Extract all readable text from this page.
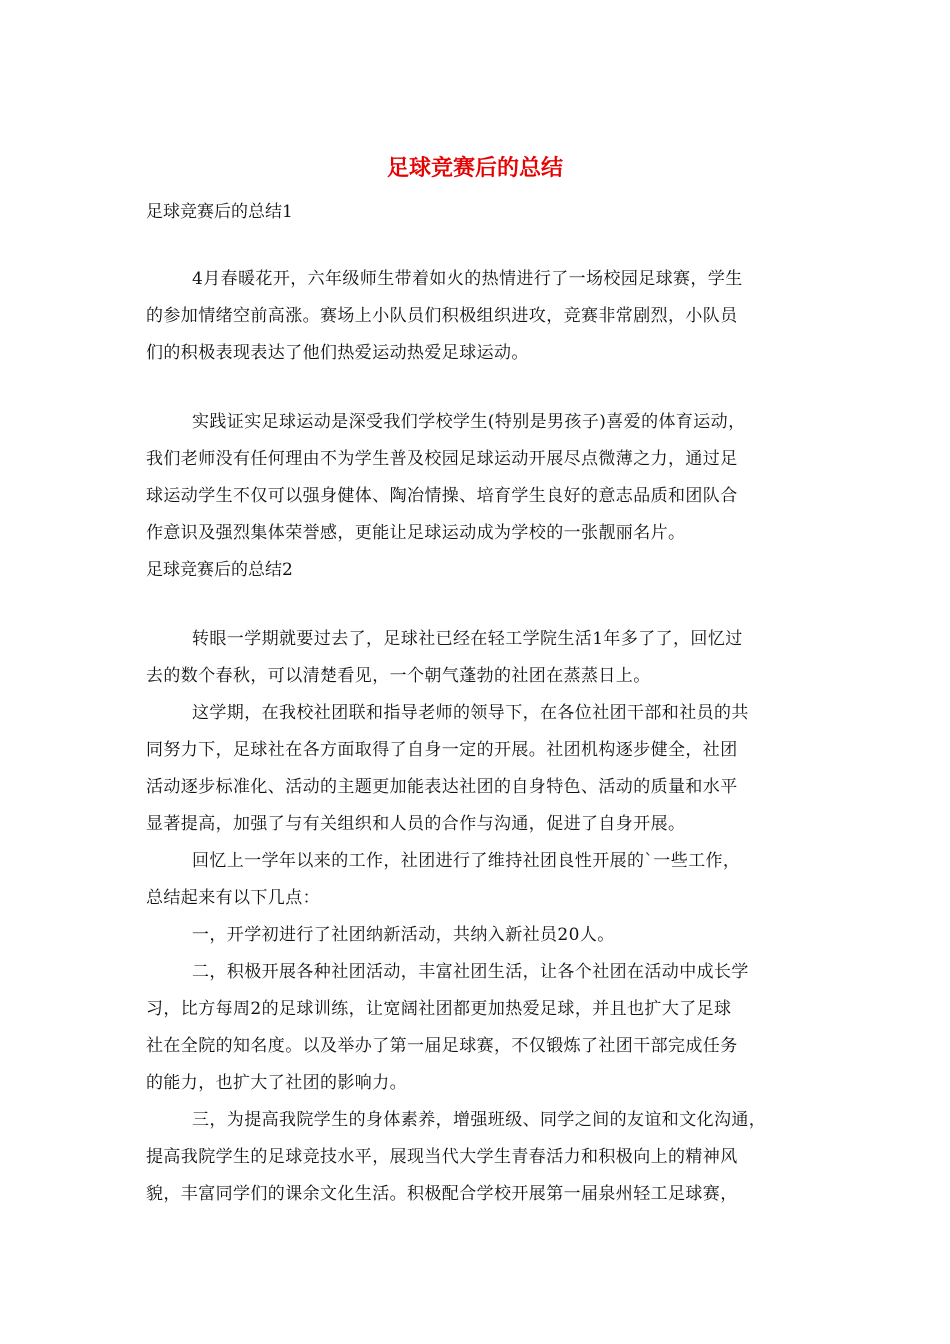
足球竞赛后的总结
足球竞赛后的总结1
4月春暖花开，六年级师生带着如火的热情进行了一场校园足球赛，学生
的参加情绪空前高涨。赛场上小队员们积极组织进攻，竞赛非常剧烈，小队员
们的积极表现表达了他们热爱运动热爱足球运动。
实践证实足球运动是深受我们学校学生(特别是男孩子)喜爱的体育运动，
我们老师没有任何理由不为学生普及校园足球运动开展尽点微薄之力，通过足
球运动学生不仅可以强身健体、陶冶情操、培育学生良好的意志品质和团队合
作意识及强烈集体荣誉感，更能让足球运动成为学校的一张靓丽名片。
足球竞赛后的总结2
转眼一学期就要过去了，足球社已经在轻工学院生活1年多了了，回忆过
去的数个春秋，可以清楚看见，一个朝气蓬勃的社团在蒸蒸日上。
这学期，在我校社团联和指导老师的领导下，在各位社团干部和社员的共
同努力下，足球社在各方面取得了自身一定的开展。社团机构逐步健全，社团
活动逐步标准化、活动的主题更加能表达社团的自身特色、活动的质量和水平
显著提高，加强了与有关组织和人员的合作与沟通，促进了自身开展。
回忆上一学年以来的工作，社团进行了维持社团良性开展的`一些工作，
总结起来有以下几点：
一，开学初进行了社团纳新活动，共纳入新社员20人。
二，积极开展各种社团活动，丰富社团生活，让各个社团在活动中成长学
习，比方每周2的足球训练，让宽阔社团都更加热爱足球，并且也扩大了足球
社在全院的知名度。以及举办了第一届足球赛，不仅锻炼了社团干部完成任务
的能力，也扩大了社团的影响力。
三，为提高我院学生的身体素养，增强班级、同学之间的友谊和文化沟通，
提高我院学生的足球竞技水平，展现当代大学生青春活力和积极向上的精神风
貌，丰富同学们的课余文化生活。积极配合学校开展第一届泉州轻工足球赛，
